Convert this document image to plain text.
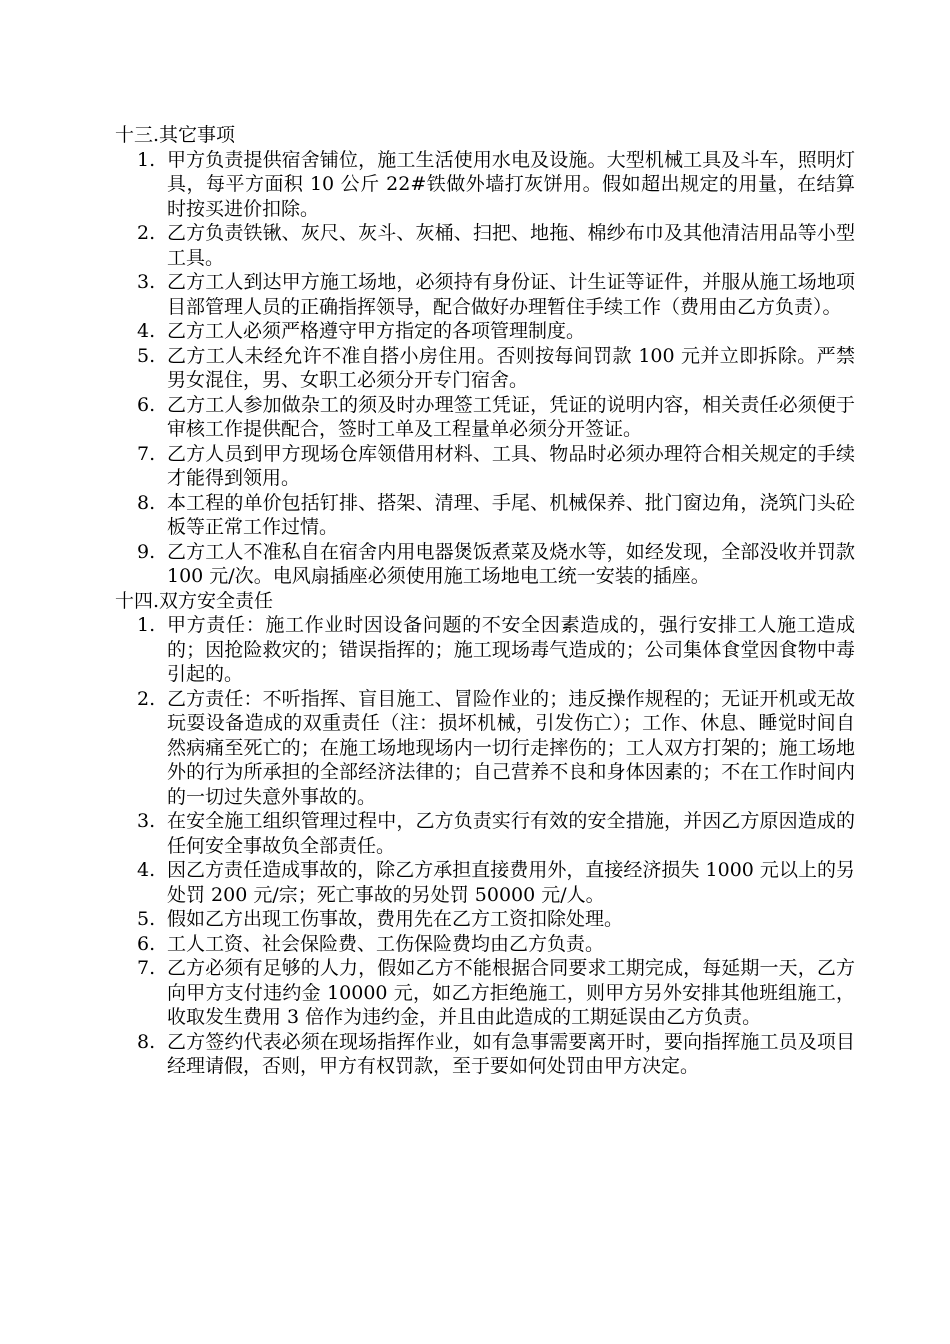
十三.其它事项

1. 甲方负责提供宿舍铺位，施工生活使用水电及设施。大型机械工具及斗车，照明灯具，每平方面积 10 公斤 22#铁做外墙打灰饼用。假如超出规定的用量，在结算时按买进价扣除。
2. 乙方负责铁锹、灰尺、灰斗、灰桶、扫把、地拖、棉纱布巾及其他清洁用品等小型工具。
3. 乙方工人到达甲方施工场地，必须持有身份证、计生证等证件，并服从施工场地项目部管理人员的正确指挥领导，配合做好办理暂住手续工作（费用由乙方负责）。
4. 乙方工人必须严格遵守甲方指定的各项管理制度。
5. 乙方工人未经允许不准自搭小房住用。否则按每间罚款 100 元并立即拆除。严禁男女混住，男、女职工必须分开专门宿舍。
6. 乙方工人参加做杂工的须及时办理签工凭证，凭证的说明内容，相关责任必须便于审核工作提供配合，签时工单及工程量单必须分开签证。
7. 乙方人员到甲方现场仓库领借用材料、工具、物品时必须办理符合相关规定的手续才能得到领用。
8. 本工程的单价包括钉排、搭架、清理、手尾、机械保养、批门窗边角，浇筑门头砼板等正常工作过情。
9. 乙方工人不准私自在宿舍内用电器煲饭煮菜及烧水等，如经发现，全部没收并罚款 100 元/次。电风扇插座必须使用施工场地电工统一安装的插座。

十四.双方安全责任

1. 甲方责任：施工作业时因设备问题的不安全因素造成的，强行安排工人施工造成的；因抢险救灾的；错误指挥的；施工现场毒气造成的；公司集体食堂因食物中毒引起的。
2. 乙方责任：不听指挥、盲目施工、冒险作业的；违反操作规程的；无证开机或无故玩耍设备造成的双重责任（注：损坏机械，引发伤亡）；工作、休息、睡觉时间自然病痛至死亡的；在施工场地现场内一切行走摔伤的；工人双方打架的；施工场地外的行为所承担的全部经济法律的；自己营养不良和身体因素的；不在工作时间内的一切过失意外事故的。
3. 在安全施工组织管理过程中，乙方负责实行有效的安全措施，并因乙方原因造成的任何安全事故负全部责任。
4. 因乙方责任造成事故的，除乙方承担直接费用外，直接经济损失 1000 元以上的另处罚 200 元/宗；死亡事故的另处罚 50000 元/人。
5. 假如乙方出现工伤事故，费用先在乙方工资扣除处理。
6. 工人工资、社会保险费、工伤保险费均由乙方负责。
7. 乙方必须有足够的人力，假如乙方不能根据合同要求工期完成，每延期一天，乙方向甲方支付违约金 10000 元，如乙方拒绝施工，则甲方另外安排其他班组施工，收取发生费用 3 倍作为违约金，并且由此造成的工期延误由乙方负责。
8. 乙方签约代表必须在现场指挥作业，如有急事需要离开时，要向指挥施工员及项目经理请假，否则，甲方有权罚款，至于要如何处罚由甲方决定。
